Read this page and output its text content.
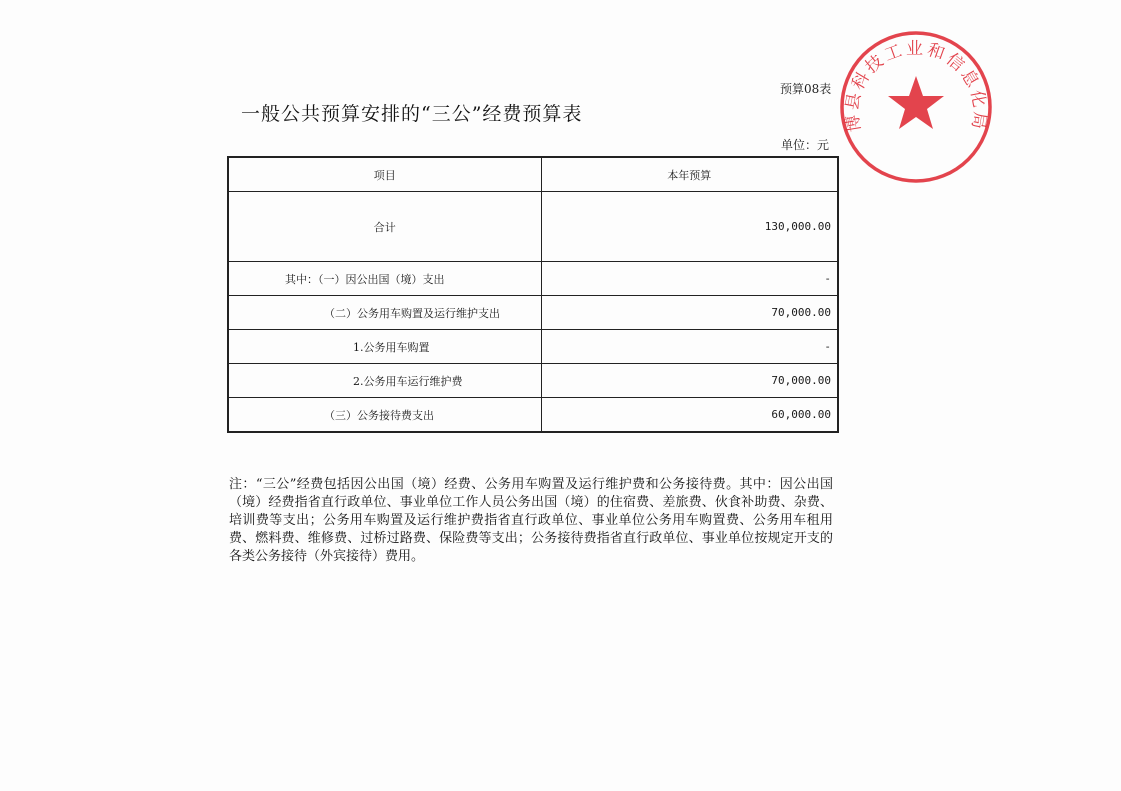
预算08表
一般公共预算安排的“三公”经费预算表
单位：元
博县科技工业和信息化局
项目	本年预算
合计	130,000.00
其中：（一）因公出国（境）支出	-
（二）公务用车购置及运行维护支出	70,000.00
1.公务用车购置	-
2.公务用车运行维护费	70,000.00
（三）公务接待费支出	60,000.00
注：“三公”经费包括因公出国（境）经费、公务用车购置及运行维护费和公务接待费。其中：因公出国（境）经费指省直行政单位、事业单位工作人员公务出国（境）的住宿费、差旅费、伙食补助费、杂费、培训费等支出；公务用车购置及运行维护费指省直行政单位、事业单位公务用车购置费、公务用车租用费、燃料费、维修费、过桥过路费、保险费等支出；公务接待费指省直行政单位、事业单位按规定开支的各类公务接待（外宾接待）费用。
